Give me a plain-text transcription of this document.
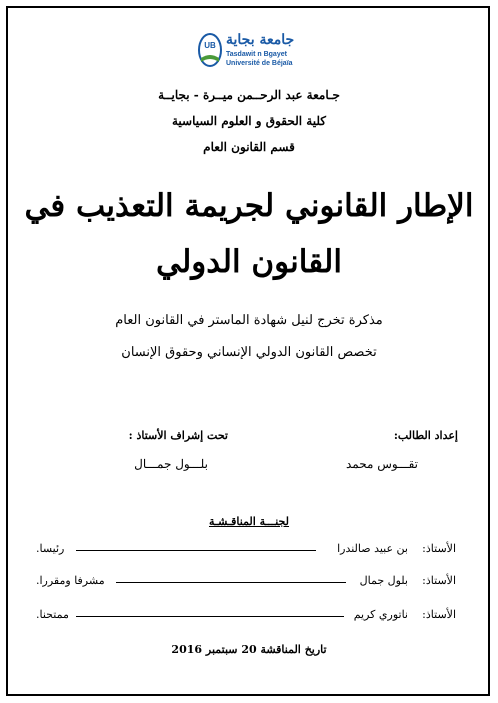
UB جامعة بجاية
Tasdawit n Bgayet
Université de Béjaïa
جـامعة عبد الرحــمن ميــرة - بجايــة
كلية الحقوق و العلوم السياسية
قسم القانون العام
الإطار القانوني لجريمة التعذيب في
القانون الدولي
مذكرة تخرج لنيل شهادة الماستر في القانون العام
تخصص القانون الدولي الإنساني وحقوق الإنسان
إعداد الطالب:
تحت إشراف الأستاذ :
تقـــوس محمد
بلـــول جمـــال
لجنـــة المناقـشـة
الأستاذ:
بن عبيد صالندرا
رئيسا.
الأستاذ:
بلول جمال
مشرفا ومقررا.
الأستاذ:
ناتوري كريم
ممتحنا.
تاريخ المناقشة 20 سبتمبر 2016
